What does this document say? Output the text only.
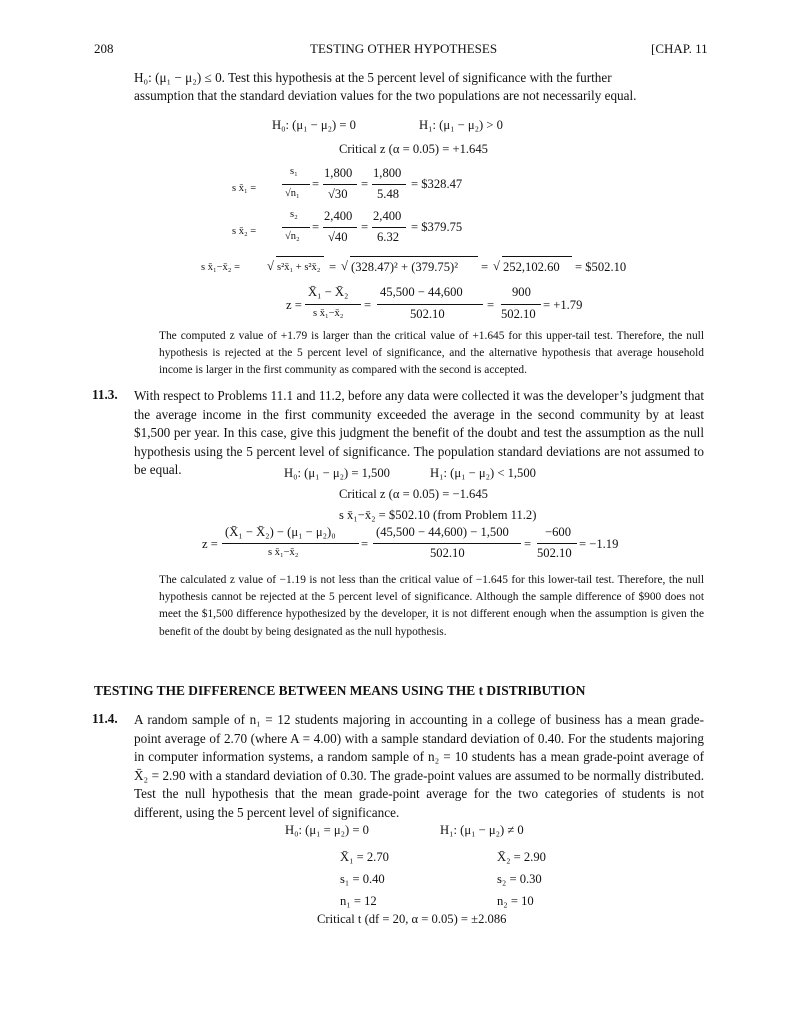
208	TESTING OTHER HYPOTHESES	[CHAP. 11
H₀: (μ₁ − μ₂) ≤ 0. Test this hypothesis at the 5 percent level of significance with the further
assumption that the standard deviation values for the two populations are not necessarily equal.
H₀: (μ₁ − μ₂) = 0	H₁: (μ₁ − μ₂) > 0
Critical z (α = 0.05) = +1.645
s x̄₁ =
s₁
√n₁
=
1,800
√30
=
1,800
5.48
= $328.47
s x̄₂ =
s₂
√n₂
=
2,400
√40
=
2,400
6.32
= $379.75
s x̄₁−x̄₂ = √ s²x̄₁ + s²x̄₂ = √ (328.47)² + (379.75)² = √ 252,102.60 = $502.10
z =
X̄₁ − X̄₂
s x̄₁−x̄₂
=
45,500 − 44,600
502.10
=
900
502.10
= +1.79
The computed z value of +1.79 is larger than the critical value of +1.645 for this upper-tail test. Therefore, the null hypothesis is rejected at the 5 percent level of significance, and the alternative hypothesis that average household income is larger in the first community as compared with the second is accepted.
11.3. With respect to Problems 11.1 and 11.2, before any data were collected it was the developer’s judgment that the average income in the first community exceeded the average in the second community by at least $1,500 per year. In this case, give this judgment the benefit of the doubt and test the assumption as the null hypothesis using the 5 percent level of significance. The population standard deviations are not assumed to be equal.	H₀: (μ₁ − μ₂) = 1,500	H₁: (μ₁ − μ₂) < 1,500
Critical z (α = 0.05) = −1.645
s x̄₁−x̄₂ = $502.10 (from Problem 11.2)
z =
(X̄₁ − X̄₂) − (μ₁ − μ₂)₀
s x̄₁−x̄₂
=
(45,500 − 44,600) − 1,500
502.10
=
−600
502.10
= −1.19
The calculated z value of −1.19 is not less than the critical value of −1.645 for this lower-tail test. Therefore, the null hypothesis cannot be rejected at the 5 percent level of significance. Although the sample difference of $900 does not meet the $1,500 difference hypothesized by the developer, it is not different enough when the assumption is given the benefit of the doubt by being designated as the null hypothesis.
TESTING THE DIFFERENCE BETWEEN MEANS USING THE t DISTRIBUTION
11.4. A random sample of n₁ = 12 students majoring in accounting in a college of business has a mean grade-point average of 2.70 (where A = 4.00) with a sample standard deviation of 0.40. For the students majoring in computer information systems, a random sample of n₂ = 10 students has a mean grade-point average of X̄₂ = 2.90 with a standard deviation of 0.30. The grade-point values are assumed to be normally distributed. Test the null hypothesis that the mean grade-point average for the two categories of students is not different, using the 5 percent level of significance.
H₀: (μ₁ = μ₂) = 0	H₁: (μ₁ − μ₂) ≠ 0
X̄₁ = 2.70	X̄₂ = 2.90
s₁ = 0.40	s₂ = 0.30
n₁ = 12	n₂ = 10
Critical t (df = 20, α = 0.05) = ±2.086
